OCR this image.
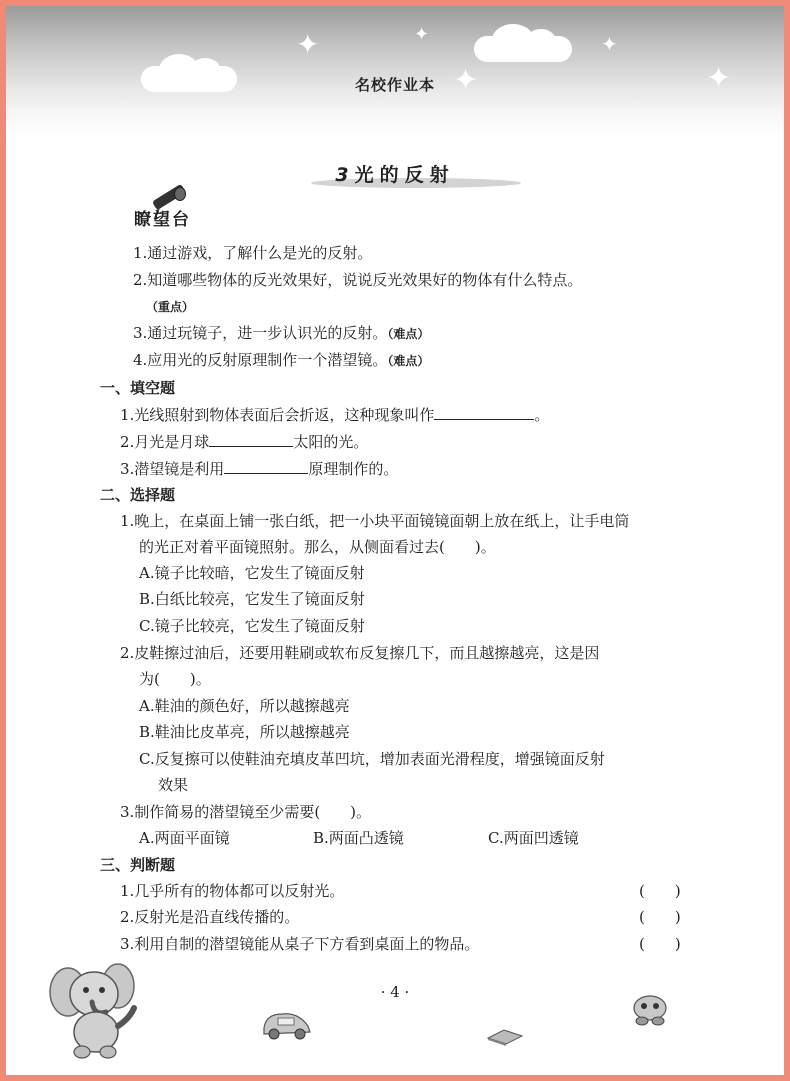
✦	✦
✦
✦
✦
名校作业本
3光的反射
瞭望台
1.通过游戏，了解什么是光的反射。
2.知道哪些物体的反光效果好，说说反光效果好的物体有什么特点。
（重点）
3.通过玩镜子，进一步认识光的反射。（难点）
4.应用光的反射原理制作一个潜望镜。（难点）
一、填空题
1.光线照射到物体表面后会折返，这种现象叫作	。
2.月光是月球	太阳的光。
3.潜望镜是利用	原理制作的。
二、选择题
1.晚上，在桌面上铺一张白纸，把一小块平面镜镜面朝上放在纸上，让手电筒
的光正对着平面镜照射。那么，从侧面看过去(　　)。
A.镜子比较暗，它发生了镜面反射
B.白纸比较亮，它发生了镜面反射
C.镜子比较亮，它发生了镜面反射
2.皮鞋擦过油后，还要用鞋刷或软布反复擦几下，而且越擦越亮，这是因
为(　　)。
A.鞋油的颜色好，所以越擦越亮
B.鞋油比皮革亮，所以越擦越亮
C.反复擦可以使鞋油充填皮革凹坑，增加表面光滑程度，增强镜面反射
效果
3.制作简易的潜望镜至少需要(　　)。
A.两面平面镜	B.两面凸透镜	C.两面凹透镜
三、判断题
1.几乎所有的物体都可以反射光。	(　　)
2.反射光是沿直线传播的。	(　　)
3.利用自制的潜望镜能从桌子下方看到桌面上的物品。	(　　)
· 4 ·
